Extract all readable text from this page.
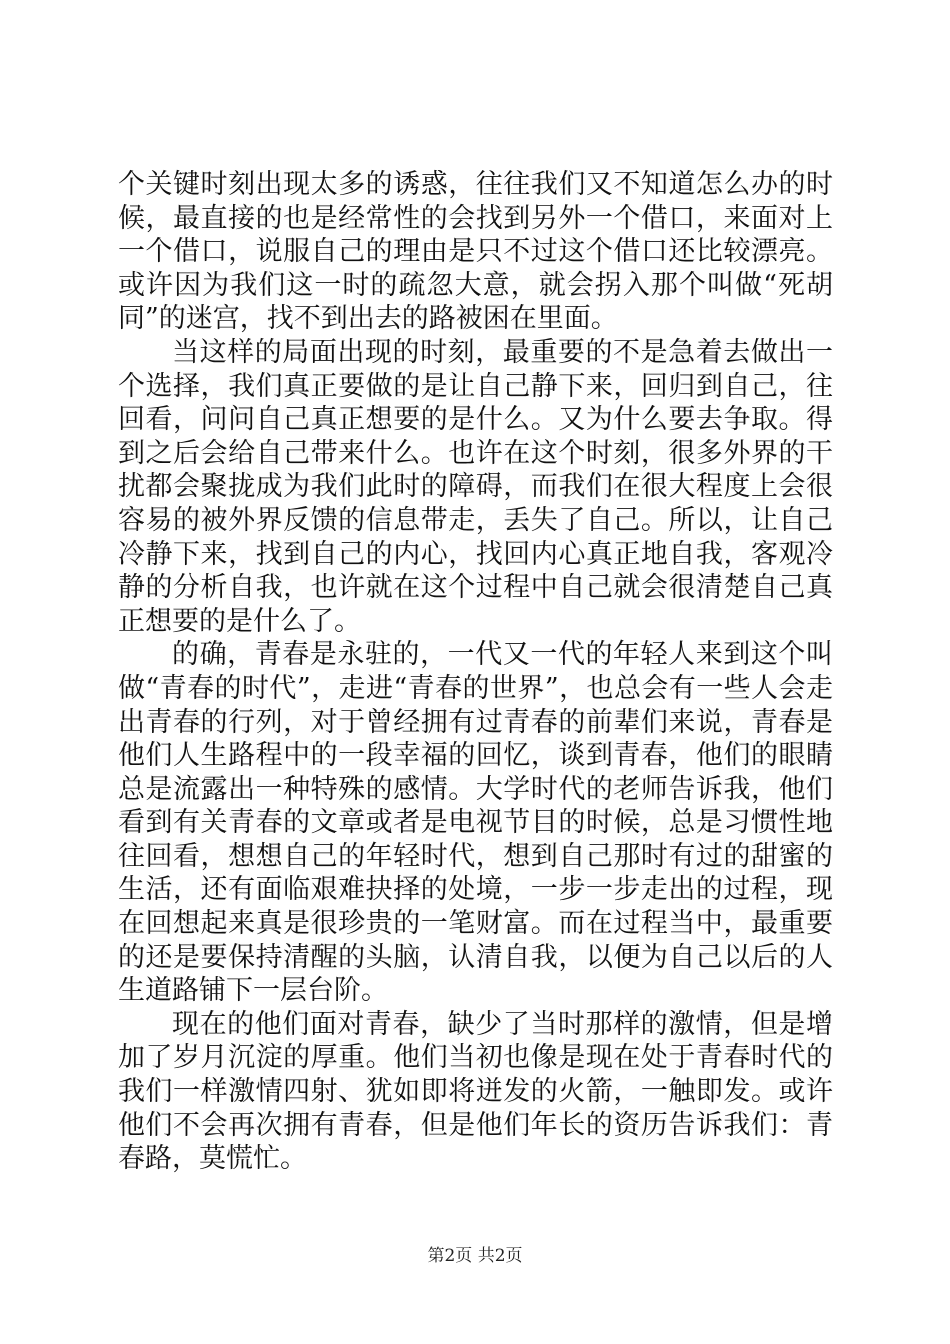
个关键时刻出现太多的诱惑，往往我们又不知道怎么办的时候，最直接的也是经常性的会找到另外一个借口，来面对上一个借口，说服自己的理由是只不过这个借口还比较漂亮。或许因为我们这一时的疏忽大意，就会拐入那个叫做“死胡同”的迷宫，找不到出去的路被困在里面。

当这样的局面出现的时刻，最重要的不是急着去做出一个选择，我们真正要做的是让自己静下来，回归到自己，往回看，问问自己真正想要的是什么。又为什么要去争取。得到之后会给自己带来什么。也许在这个时刻，很多外界的干扰都会聚拢成为我们此时的障碍，而我们在很大程度上会很容易的被外界反馈的信息带走，丢失了自己。所以，让自己冷静下来，找到自己的内心，找回内心真正地自我，客观冷静的分析自我，也许就在这个过程中自己就会很清楚自己真正想要的是什么了。

的确，青春是永驻的，一代又一代的年轻人来到这个叫做“青春的时代”，走进“青春的世界”，也总会有一些人会走出青春的行列，对于曾经拥有过青春的前辈们来说，青春是他们人生路程中的一段幸福的回忆，谈到青春，他们的眼睛总是流露出一种特殊的感情。大学时代的老师告诉我，他们看到有关青春的文章或者是电视节目的时候，总是习惯性地往回看，想想自己的年轻时代，想到自己那时有过的甜蜜的生活，还有面临艰难抉择的处境，一步一步走出的过程，现在回想起来真是很珍贵的一笔财富。而在过程当中，最重要的还是要保持清醒的头脑，认清自我，以便为自己以后的人生道路铺下一层台阶。

现在的他们面对青春，缺少了当时那样的激情，但是增加了岁月沉淀的厚重。他们当初也像是现在处于青春时代的我们一样激情四射、犹如即将迸发的火箭，一触即发。或许他们不会再次拥有青春，但是他们年长的资历告诉我们：青春路，莫慌忙。

第2页 共2页
